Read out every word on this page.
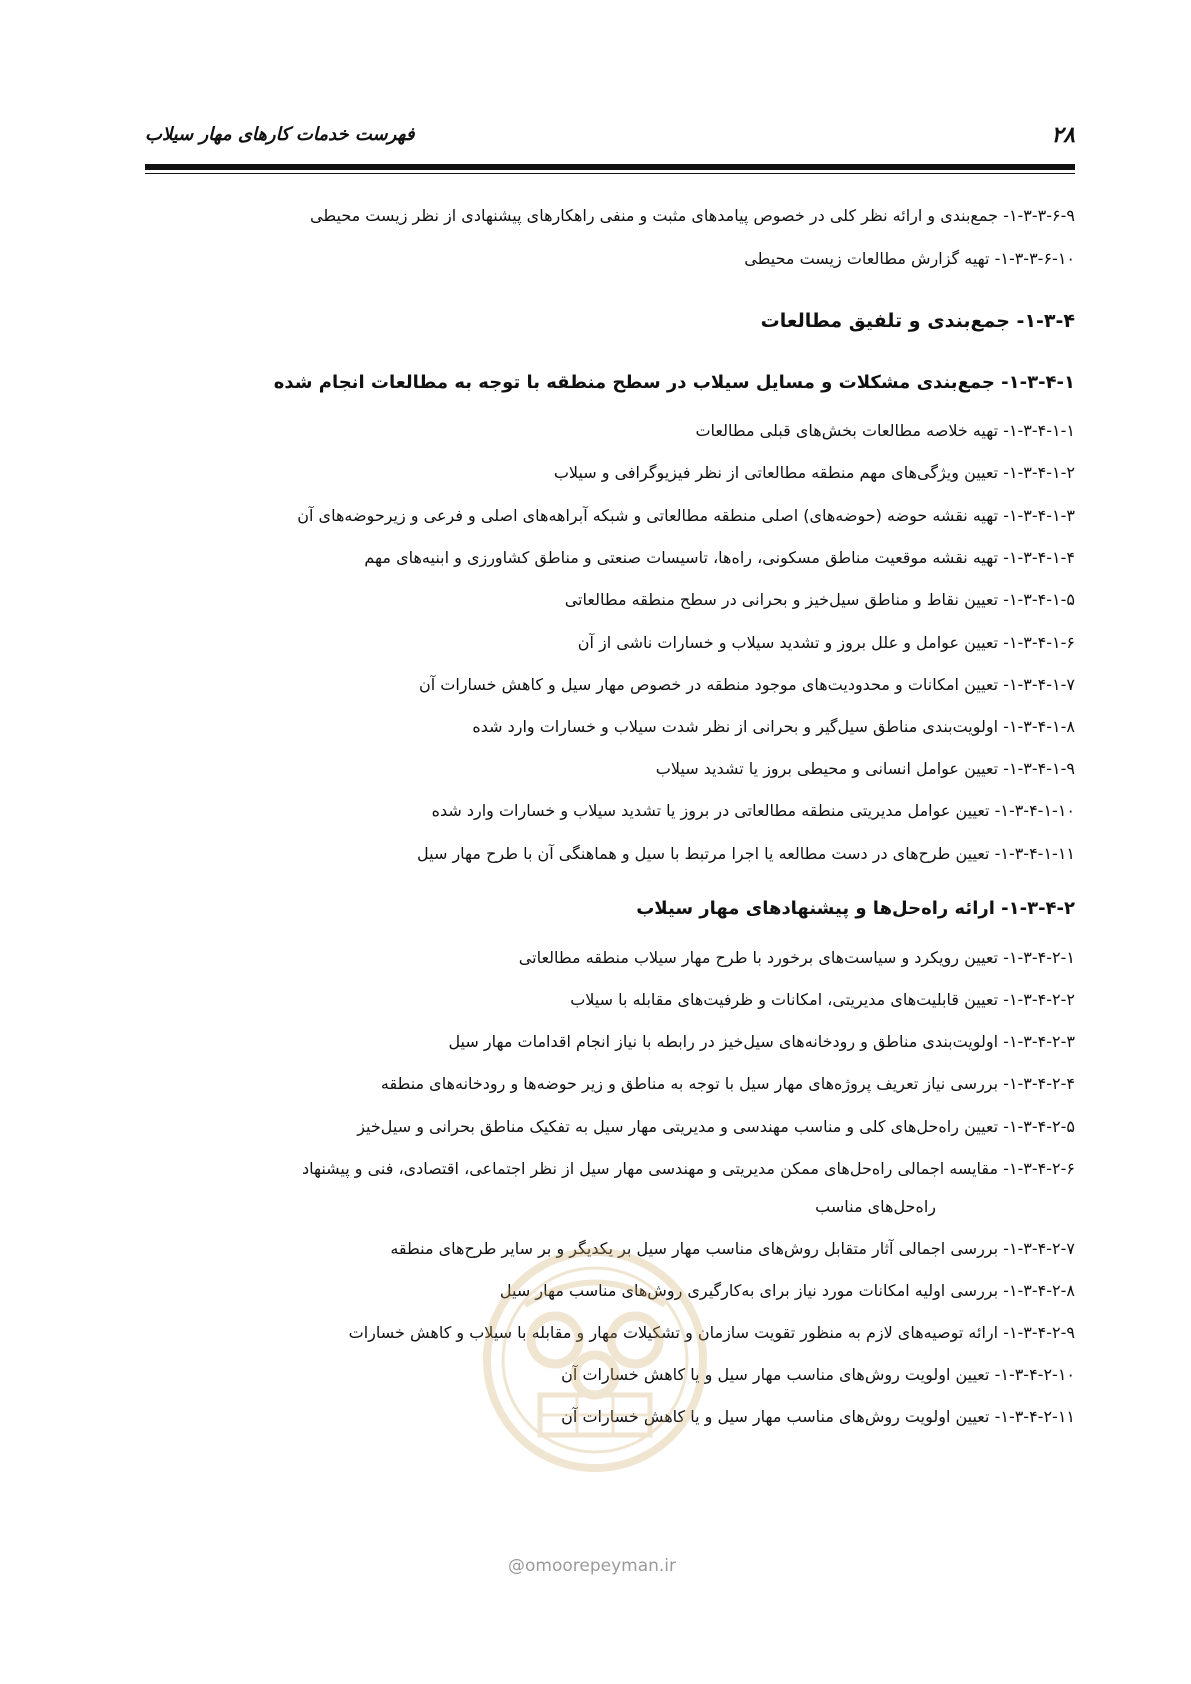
۲۸
فهرست خدمات کارهای مهار سیلاب
۱-۳-۳-۶-۹- جمع‌بندی و ارائه نظر کلی در خصوص پیامدهای مثبت و منفی راهکارهای پیشنهادی از نظر زیست محیطی
۱-۳-۳-۶-۱۰- تهیه گزارش مطالعات زیست محیطی
۱-۳-۴- جمع‌بندی و تلفیق مطالعات
۱-۳-۴-۱- جمع‌بندی مشکلات و مسایل سیلاب در سطح منطقه با توجه به مطالعات انجام شده
۱-۳-۴-۱-۱- تهیه خلاصه مطالعات بخش‌های قبلی مطالعات
۱-۳-۴-۱-۲- تعیین ویژگی‌های مهم منطقه مطالعاتی از نظر فیزیوگرافی و سیلاب
۱-۳-۴-۱-۳- تهیه نقشه حوضه (حوضه‌های) اصلی منطقه مطالعاتی و شبکه آبراهه‌های اصلی و فرعی و زیرحوضه‌های آن
۱-۳-۴-۱-۴- تهیه نقشه موقعیت مناطق مسکونی، راه‌ها، تاسیسات صنعتی و مناطق کشاورزی و ابنیه‌های مهم
۱-۳-۴-۱-۵- تعیین نقاط و مناطق سیل‌خیز و بحرانی در سطح منطقه مطالعاتی
۱-۳-۴-۱-۶- تعیین عوامل و علل بروز و تشدید سیلاب و خسارات ناشی از آن
۱-۳-۴-۱-۷- تعیین امکانات و محدودیت‌های موجود منطقه در خصوص مهار سیل و کاهش خسارات آن
۱-۳-۴-۱-۸- اولویت‌بندی مناطق سیل‌گیر و بحرانی از نظر شدت سیلاب و خسارات وارد شده
۱-۳-۴-۱-۹- تعیین عوامل انسانی و محیطی بروز یا تشدید سیلاب
۱-۳-۴-۱-۱۰- تعیین عوامل مدیریتی منطقه مطالعاتی در بروز یا تشدید سیلاب و خسارات وارد شده
۱-۳-۴-۱-۱۱- تعیین طرح‌های در دست مطالعه یا اجرا مرتبط با سیل و هماهنگی آن با طرح مهار سیل
۱-۳-۴-۲- ارائه راه‌حل‌ها و پیشنهادهای مهار سیلاب
۱-۳-۴-۲-۱- تعیین رویکرد و سیاست‌های برخورد با طرح مهار سیلاب منطقه مطالعاتی
۱-۳-۴-۲-۲- تعیین قابلیت‌های مدیریتی، امکانات و ظرفیت‌های مقابله با سیلاب
۱-۳-۴-۲-۳- اولویت‌بندی مناطق و رودخانه‌های سیل‌خیز در رابطه با نیاز انجام اقدامات مهار سیل
۱-۳-۴-۲-۴- بررسی نیاز تعریف پروژه‌های مهار سیل با توجه به مناطق و زیر حوضه‌ها و رودخانه‌های منطقه
۱-۳-۴-۲-۵- تعیین راه‌حل‌های کلی و مناسب مهندسی و مدیریتی مهار سیل به تفکیک مناطق بحرانی و سیل‌خیز
۱-۳-۴-۲-۶- مقایسه اجمالی راه‌حل‌های ممکن مدیریتی و مهندسی مهار سیل از نظر اجتماعی، اقتصادی، فنی و پیشنهاد
راه‌حل‌های مناسب
۱-۳-۴-۲-۷- بررسی اجمالی آثار متقابل روش‌های مناسب مهار سیل بر یکدیگر و بر سایر طرح‌های منطقه
۱-۳-۴-۲-۸- بررسی اولیه امکانات مورد نیاز برای به‌کارگیری روش‌های مناسب مهار سیل
۱-۳-۴-۲-۹- ارائه توصیه‌های لازم به منظور تقویت سازمان و تشکیلات مهار و مقابله با سیلاب و کاهش خسارات
۱-۳-۴-۲-۱۰- تعیین اولویت روش‌های مناسب مهار سیل و یا کاهش خسارات آن
۱-۳-۴-۲-۱۱- تعیین اولویت روش‌های مناسب مهار سیل و یا کاهش خسارات آن
@omoorepeyman.ir
